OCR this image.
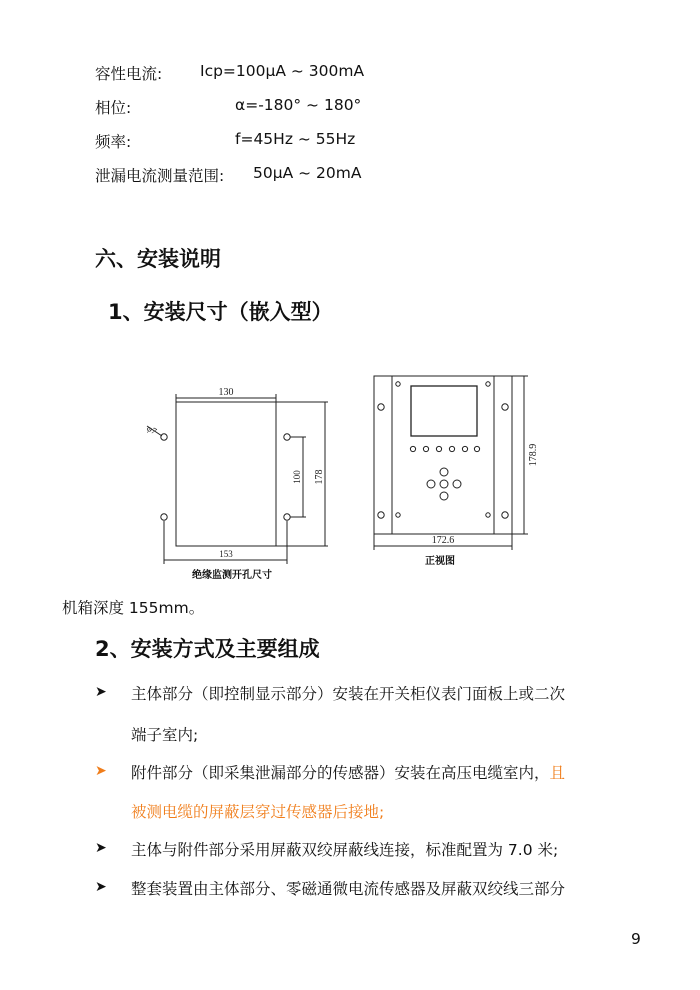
容性电流: Icp=100μA ~ 300mA
相位:	α=-180° ~ 180°
频率:	f=45Hz ~ 55Hz
泄漏电流测量范围: 50μA ~ 20mA
六、安装说明
1、安装尺寸（嵌入型）
130
φ7
100 178
153
绝缘监测开孔尺寸
178.9
172.6
正视图
机箱深度 155mm。
2、安装方式及主要组成
➤ 主体部分（即控制显示部分）安装在开关柜仪表门面板上或二次
端子室内;
➤ 附件部分（即采集泄漏部分的传感器）安装在高压电缆室内，且
被测电缆的屏蔽层穿过传感器后接地;
➤ 主体与附件部分采用屏蔽双绞屏蔽线连接，标准配置为 7.0 米;
➤ 整套装置由主体部分、零磁通微电流传感器及屏蔽双绞线三部分
9
